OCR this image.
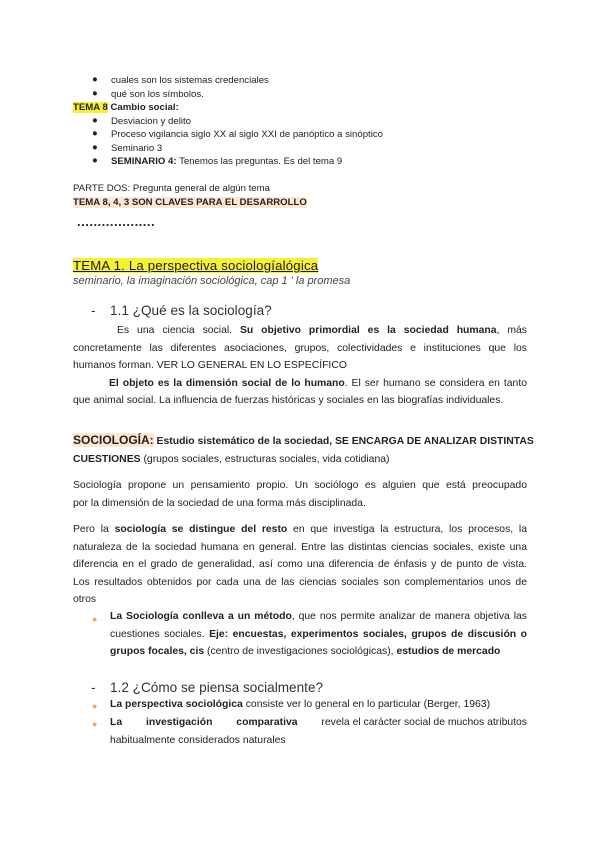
● cuales son los sistemas credenciales
● qué son los símbolos.
TEMA 8 Cambio social:
● Desviacion y delito
● Proceso vigilancia siglo XX al siglo XXI de panóptico a sinóptico
● Seminario 3
● SEMINARIO 4: Tenemos las preguntas. Es del tema 9
PARTE DOS: Pregunta general de algún tema
TEMA 8, 4, 3 SON CLAVES PARA EL DESARROLLO
...................
TEMA 1. La perspectiva sociologíalógica
seminario, la imaginación sociológica, cap 1 ' la promesa
- 1.1 ¿Qué es la sociología?
Es una ciencia social. Su objetivo primordial es la sociedad humana, más
concretamente las diferentes asociaciones, grupos, colectividades e instituciones que los
humanos forman. VER LO GENERAL EN LO ESPECÍFICO
El objeto es la dimensión social de lo humano. El ser humano se considera en tanto
que animal social. La influencia de fuerzas históricas y sociales en las biografías individuales.
SOCIOLOGÍA: Estudio sistemático de la sociedad, SE ENCARGA DE ANALIZAR DISTINTAS
CUESTIONES (grupos sociales, estructuras sociales, vida cotidiana)
Sociología propone un pensamiento propio. Un sociólogo es alguien que está preocupado
por la dimensión de la sociedad de una forma más disciplinada.
Pero la sociología se distingue del resto en que investiga la estructura, los procesos, la
naturaleza de la sociedad humana en general. Entre las distintas ciencias sociales, existe una
diferencia en el grado de generalidad, así como una diferencia de énfasis y de punto de vista.
Los resultados obtenidos por cada una de las ciencias sociales son complementarios unos de
otros
● La Sociología conlleva a un método, que nos permite analizar de manera objetiva las
cuestiones sociales. Eje: encuestas, experimentos sociales, grupos de discusión o
grupos focales, cis (centro de investigaciones sociológicas), estudios de mercado
- 1.2 ¿Cómo se piensa socialmente?
● La perspectiva sociológica consiste ver lo general en lo particular (Berger, 1963)
● La investigación comparativa revela el carácter social de muchos atributos
habitualmente considerados naturales
